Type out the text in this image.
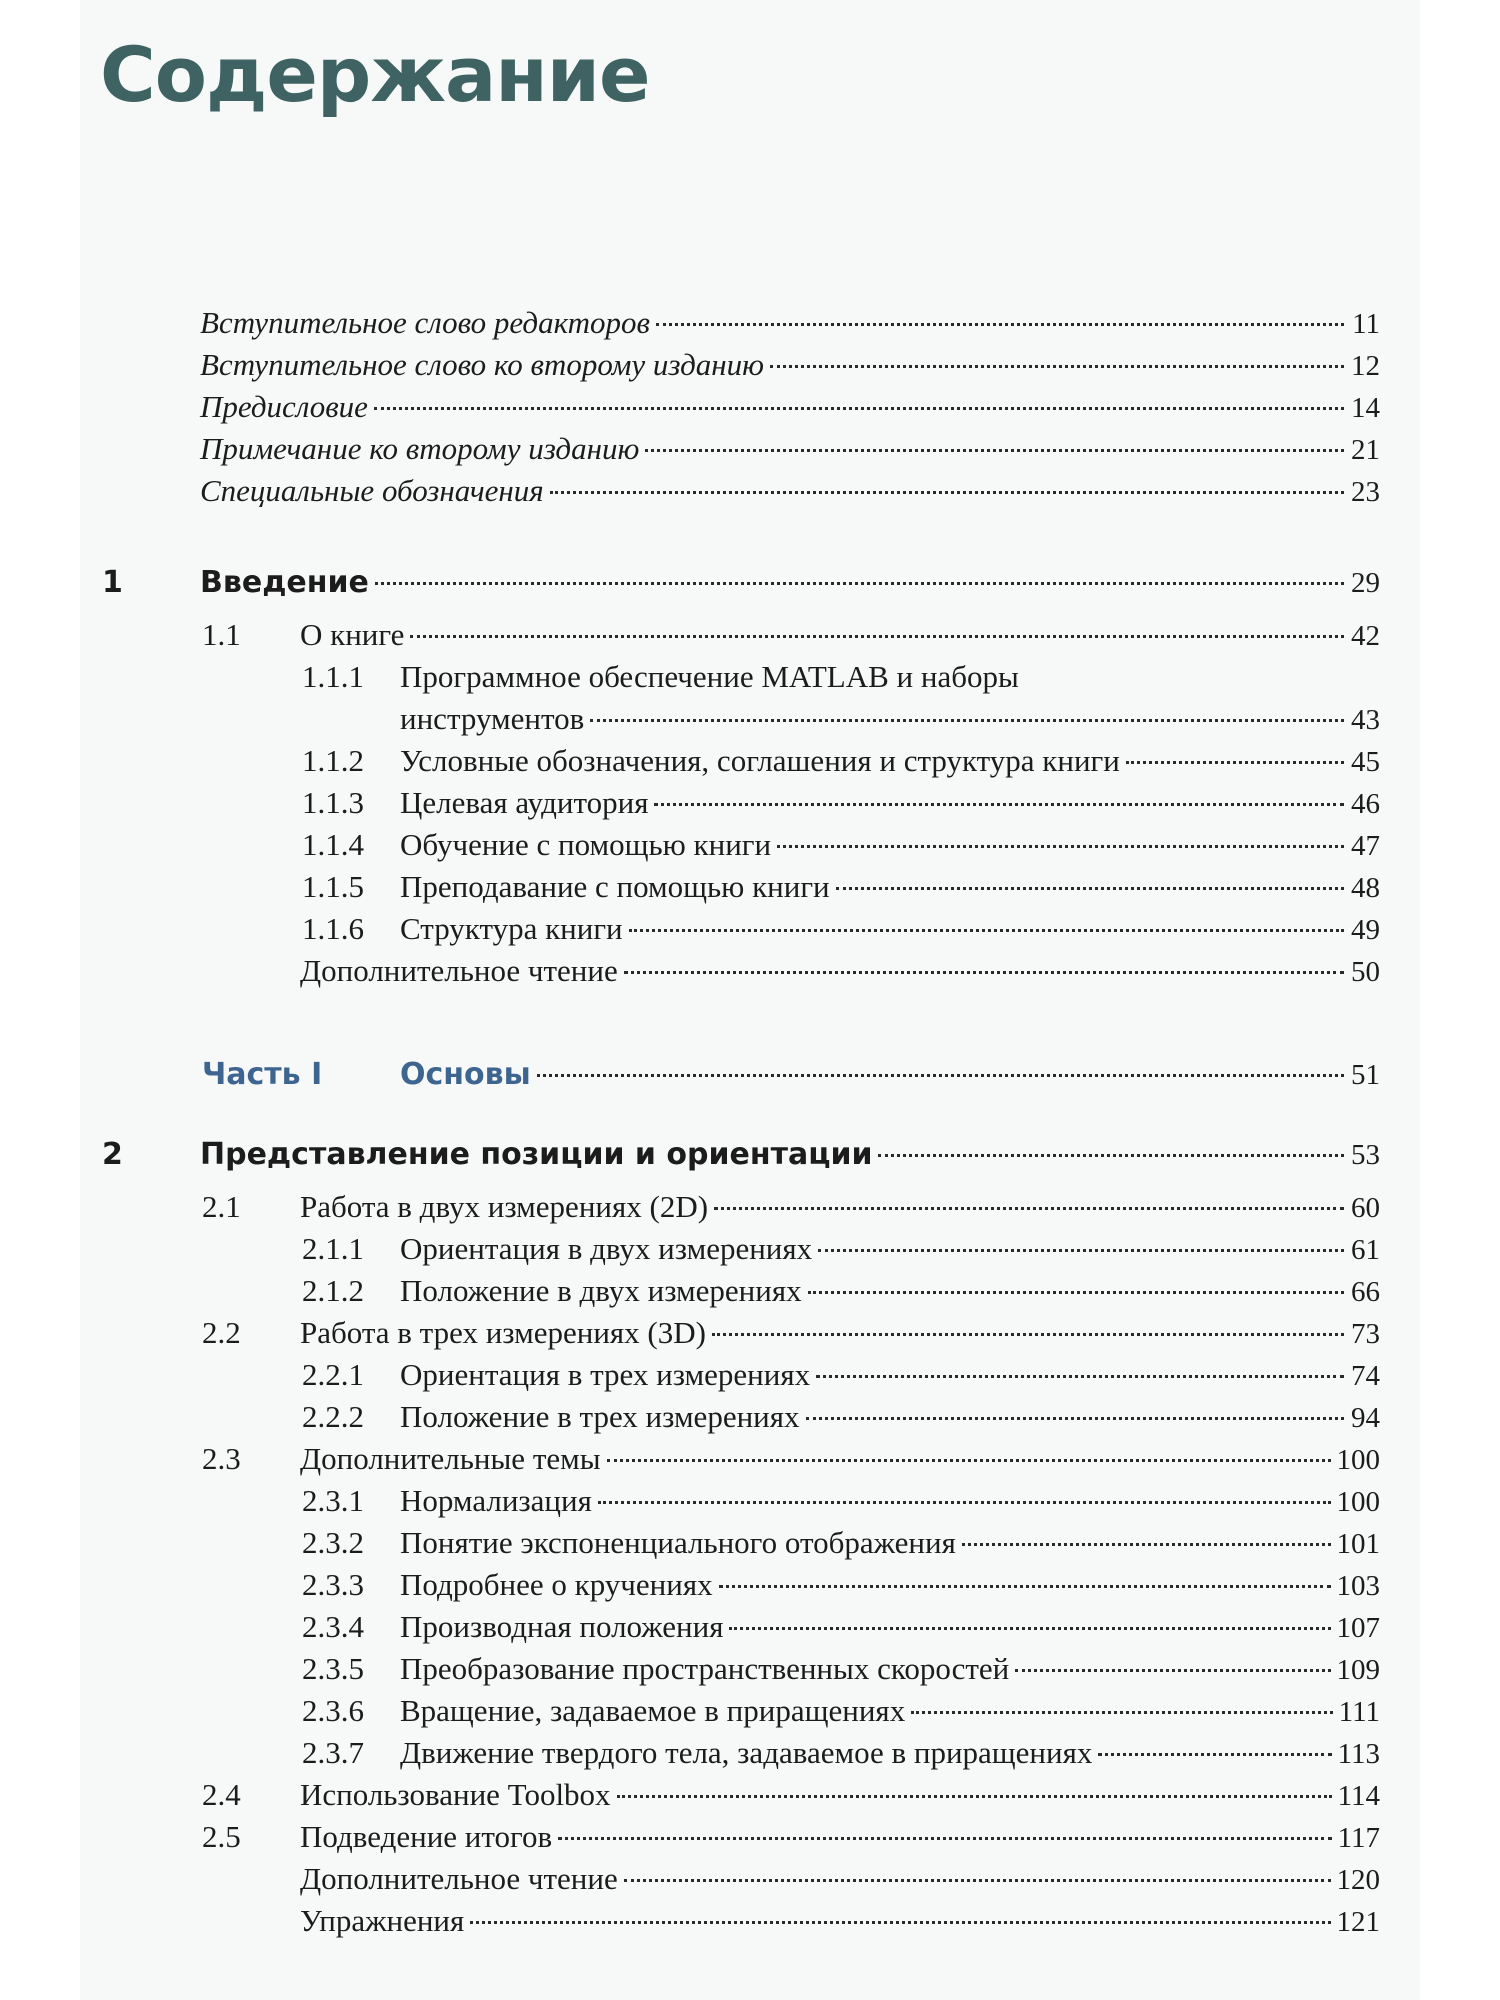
Содержание
Вступительное слово редакторов	11
Вступительное слово ко второму изданию	12
Предисловие	14
Примечание ко второму изданию	21
Специальные обозначения	23
1	Введение	29
1.1 О книге	42
1.1.1 Программное обеспечение MATLAB и наборы
инструментов	43
1.1.2 Условные обозначения, соглашения и структура книги	45
1.1.3 Целевая аудитория	46
1.1.4 Обучение с помощью книги	47
1.1.5 Преподавание с помощью книги	48
1.1.6 Структура книги	49
Дополнительное чтение	50
Часть I	Основы	51
2	Представление позиции и ориентации	53
2.1 Работа в двух измерениях (2D)	60
2.1.1 Ориентация в двух измерениях	61
2.1.2 Положение в двух измерениях	66
2.2 Работа в трех измерениях (3D)	73
2.2.1 Ориентация в трех измерениях	74
2.2.2 Положение в трех измерениях	94
2.3 Дополнительные темы	100
2.3.1 Нормализация	100
2.3.2 Понятие экспоненциального отображения	101
2.3.3 Подробнее о кручениях	103
2.3.4 Производная положения	107
2.3.5 Преобразование пространственных скоростей	109
2.3.6 Вращение, задаваемое в приращениях	111
2.3.7 Движение твердого тела, задаваемое в приращениях	113
2.4 Использование Toolbox	114
2.5 Подведение итогов	117
Дополнительное чтение	120
Упражнения	121
